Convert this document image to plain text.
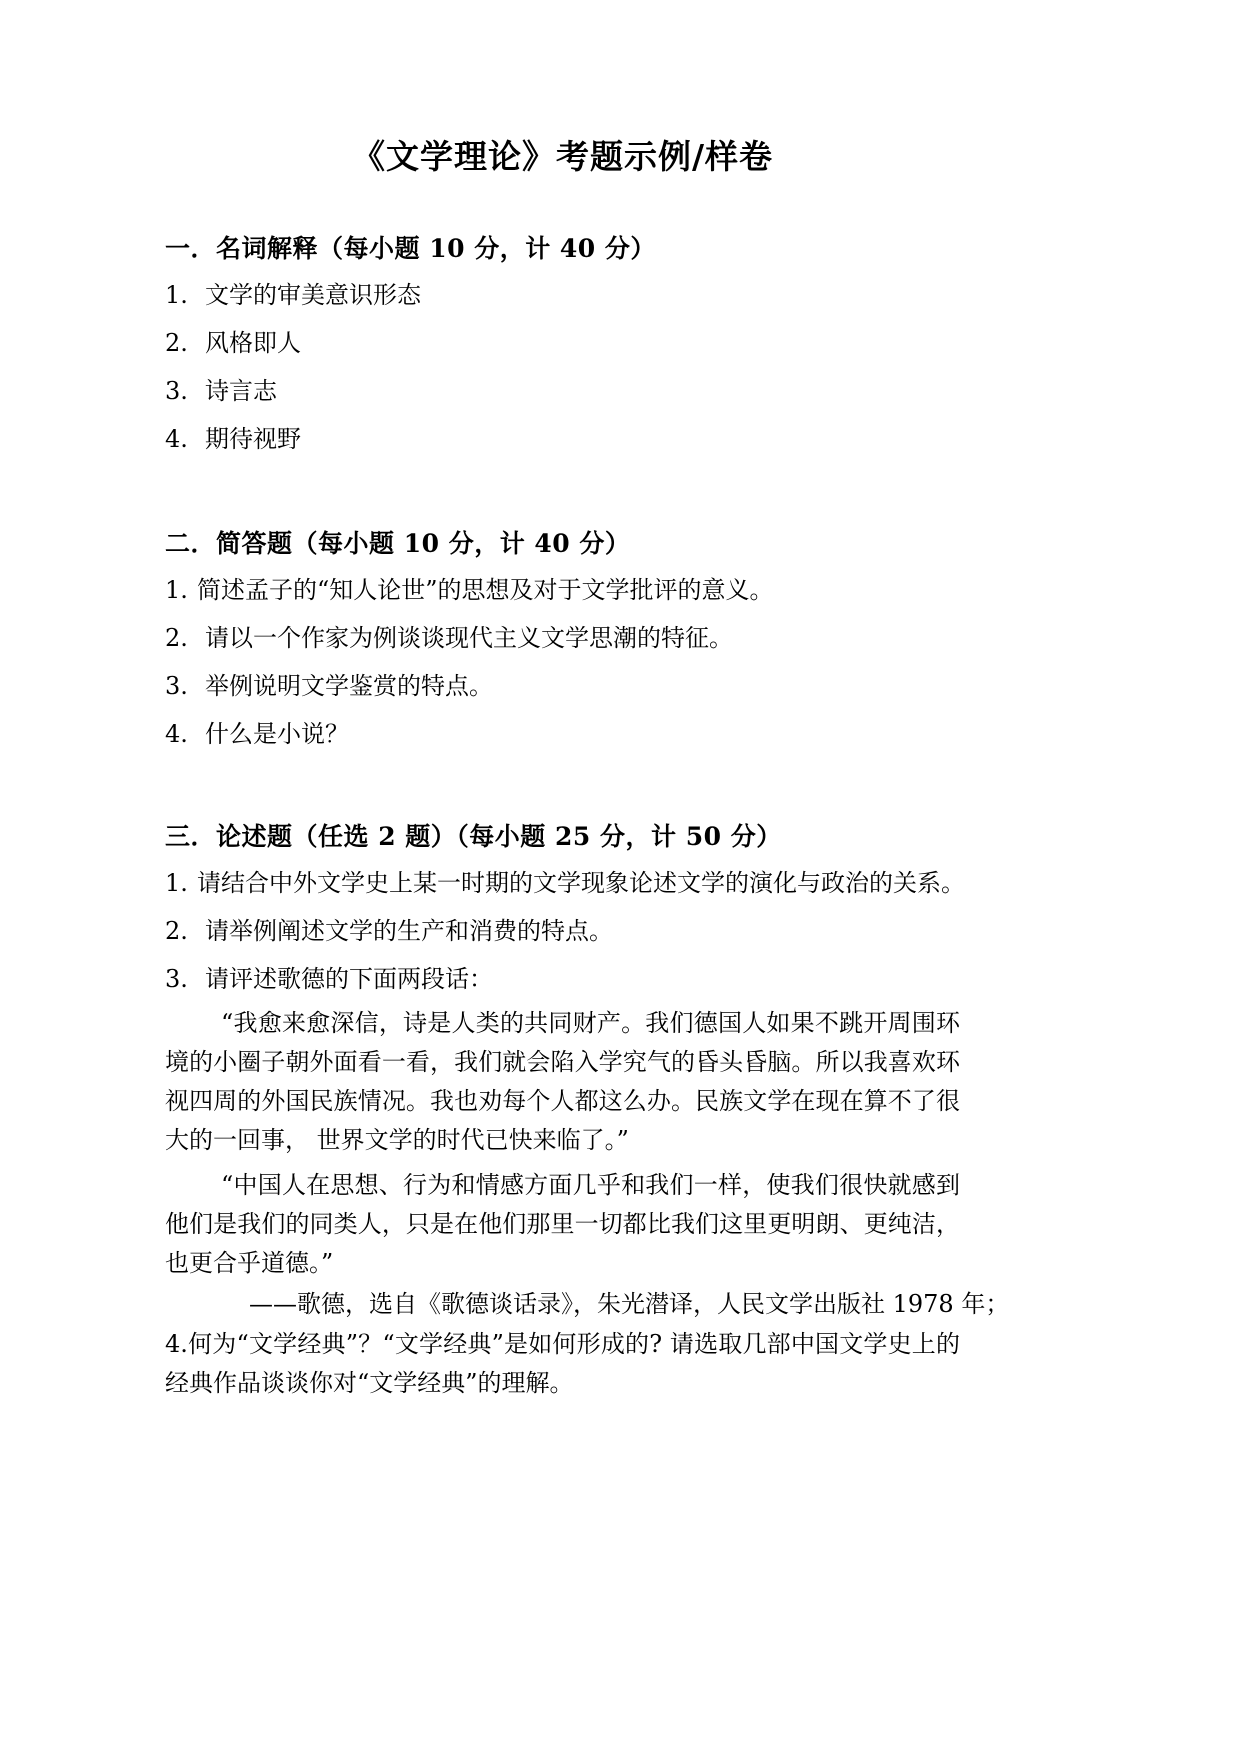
《文学理论》考题示例/样卷
一．名词解释（每小题 10 分，计 40 分）
1. 文学的审美意识形态
2. 风格即人
3. 诗言志
4. 期待视野
二．简答题（每小题 10 分，计 40 分）
1. 简述孟子的“知人论世”的思想及对于文学批评的意义。
2. 请以一个作家为例谈谈现代主义文学思潮的特征。
3. 举例说明文学鉴赏的特点。
4. 什么是小说？
三．论述题（任选 2 题）（每小题 25 分，计 50 分）
1. 请结合中外文学史上某一时期的文学现象论述文学的演化与政治的关系。
2. 请举例阐述文学的生产和消费的特点。
3. 请评述歌德的下面两段话：
“我愈来愈深信，诗是人类的共同财产。我们德国人如果不跳开周围环境的小圈子朝外面看一看，我们就会陷入学究气的昏头昏脑。所以我喜欢环视四周的外国民族情况。我也劝每个人都这么办。民族文学在现在算不了很大的一回事， 世界文学的时代已快来临了。”
“中国人在思想、行为和情感方面几乎和我们一样，使我们很快就感到他们是我们的同类人，只是在他们那里一切都比我们这里更明朗、更纯洁，也更合乎道德。”
——歌德，选自《歌德谈话录》，朱光潜译，人民文学出版社 1978 年；
4.何为“文学经典”？“文学经典”是如何形成的? 请选取几部中国文学史上的经典作品谈谈你对“文学经典”的理解。
